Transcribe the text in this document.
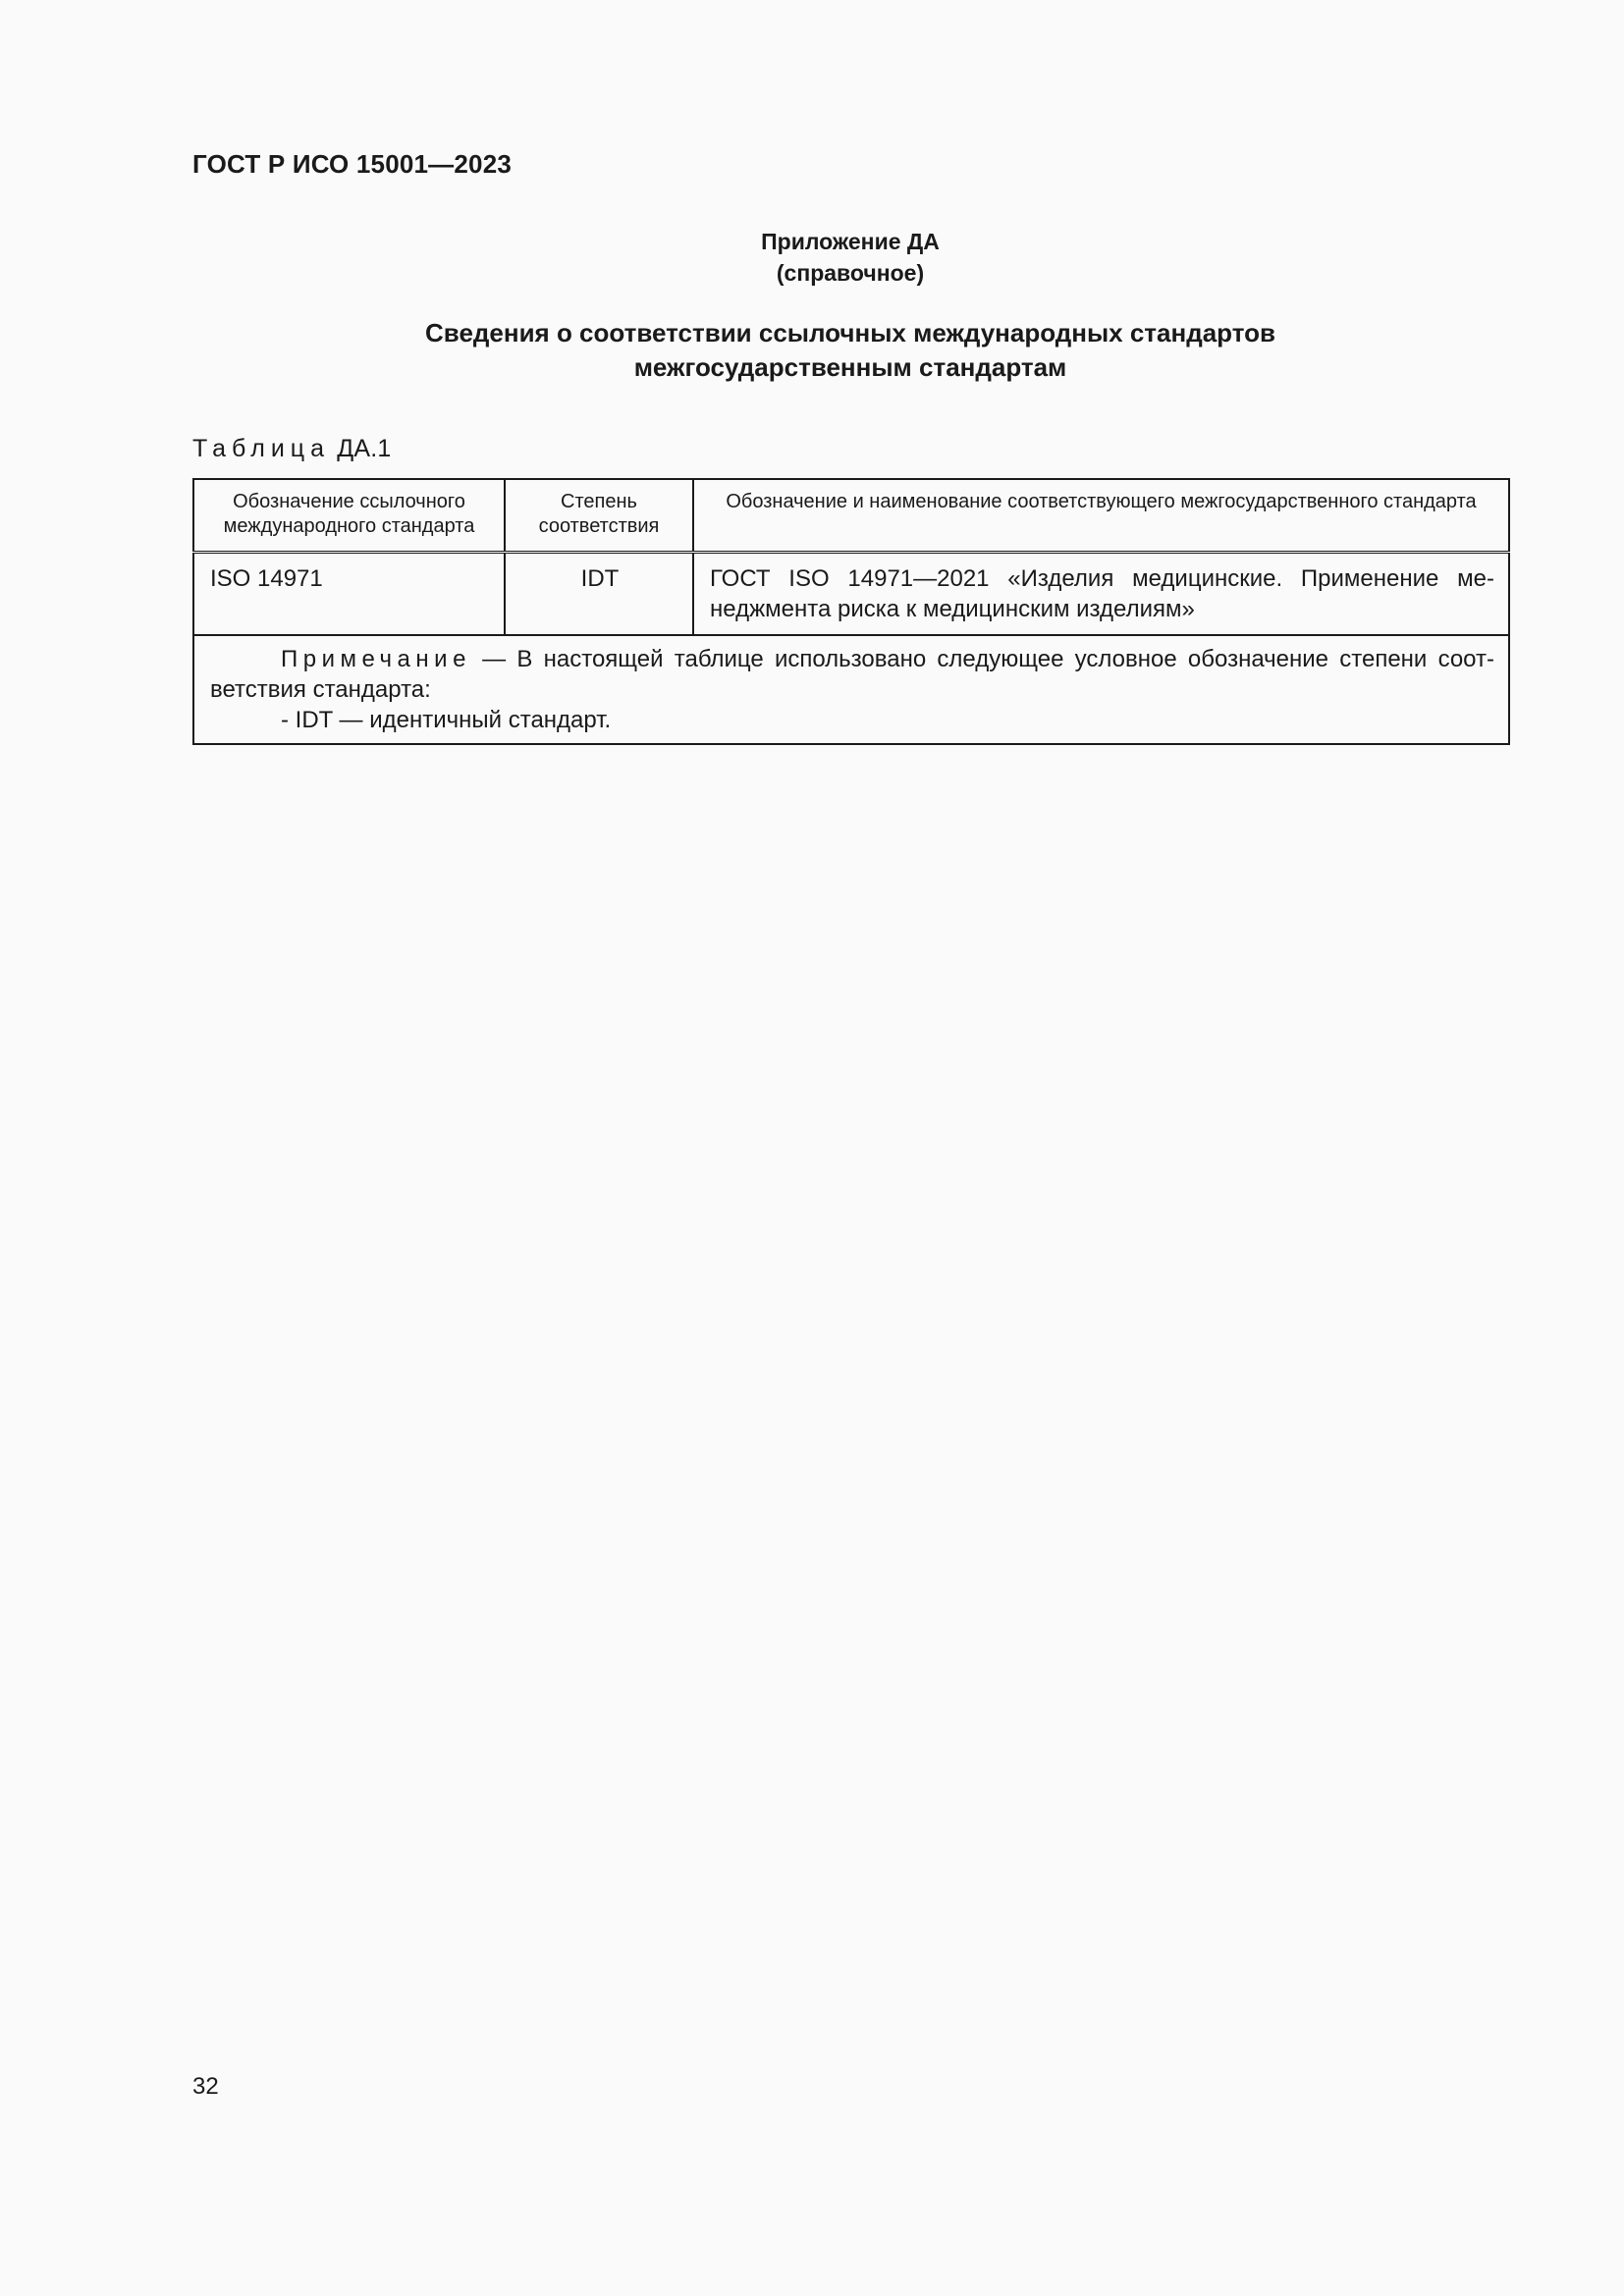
ГОСТ Р ИСО 15001—2023
Приложение ДА
(справочное)
Сведения о соответствии ссылочных международных стандартов
межгосударственным стандартам
Таблица ДА.1
Обозначение ссылочного международного стандарта	Степень соответствия	Обозначение и наименование соответствующего межгосударственного стандарта
ISO 14971	IDT	ГОСТ ISO 14971—2021 «Изделия медицинские. Применение ме-неджмента риска к медицинским изделиям»

Примечание — В настоящей таблице использовано следующее условное обозначение степени соот-ветствия стандарта:

- IDT — идентичный стандарт.		

32
